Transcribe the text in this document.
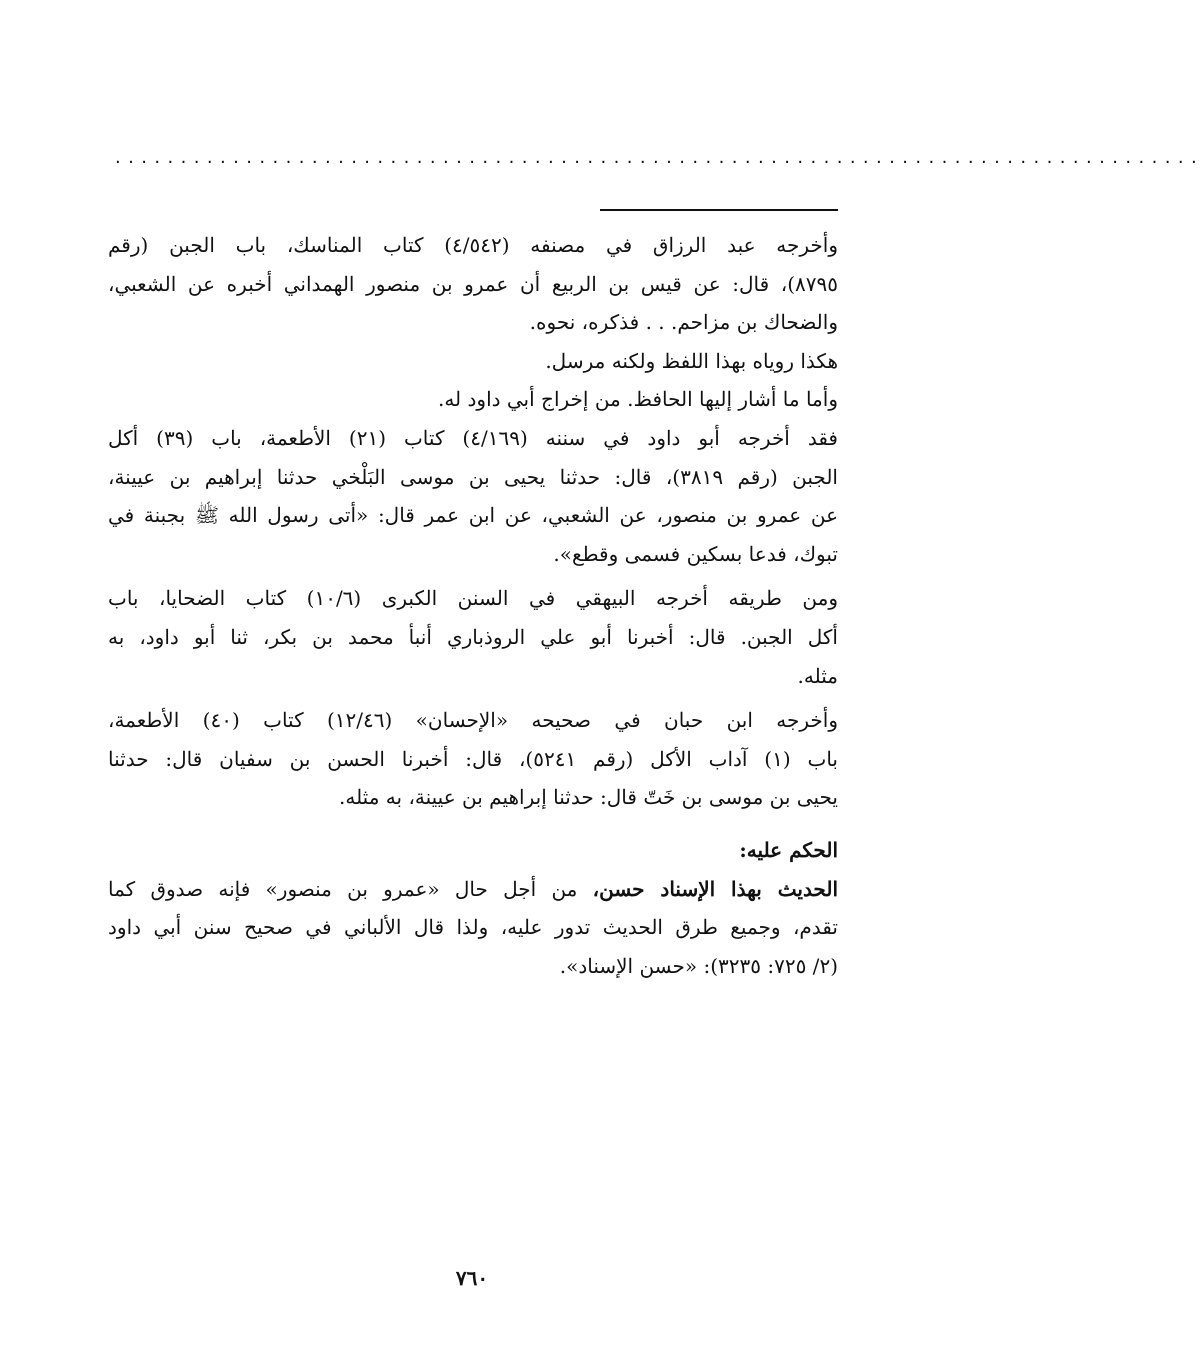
...................................................................................
وأخرجه عبد الرزاق في مصنفه (٤/٥٤٢) كتاب المناسك، باب الجبن (رقم
٨٧٩٥)، قال: عن قيس بن الربيع أن عمرو بن منصور الهمداني أخبره عن الشعبي،
والضحاك بن مزاحم. . . فذكره، نحوه.
هكذا روياه بهذا اللفظ ولكنه مرسل.
وأما ما أشار إليها الحافظ. من إخراج أبي داود له.
فقد أخرجه أبو داود في سننه (٤/١٦٩) كتاب (٢١) الأطعمة، باب (٣٩) أكل
الجبن (رقم ٣٨١٩)، قال: حدثنا يحيى بن موسى البَلْخي حدثنا إبراهيم بن عيينة،
عن عمرو بن منصور، عن الشعبي، عن ابن عمر قال: «أتى رسول الله ﷺ بجبنة في
تبوك، فدعا بسكين فسمى وقطع».
ومن طريقه أخرجه البيهقي في السنن الكبرى (١٠/٦) كتاب الضحايا، باب
أكل الجبن. قال: أخبرنا أبو علي الروذباري أنبأ محمد بن بكر، ثنا أبو داود، به
مثله.
وأخرجه ابن حبان في صحيحه «الإحسان» (١٢/٤٦) كتاب (٤٠) الأطعمة،
باب (١) آداب الأكل (رقم ٥٢٤١)، قال: أخبرنا الحسن بن سفيان قال: حدثنا
يحيى بن موسى بن خَتّ قال: حدثنا إبراهيم بن عيينة، به مثله.
الحكم عليه:
الحديث بهذا الإسناد حسن، من أجل حال «عمرو بن منصور» فإنه صدوق كما
تقدم، وجميع طرق الحديث تدور عليه، ولذا قال الألباني في صحيح سنن أبي داود
(٢/ ٧٢٥: ٣٢٣٥): «حسن الإسناد».
٧٦٠
